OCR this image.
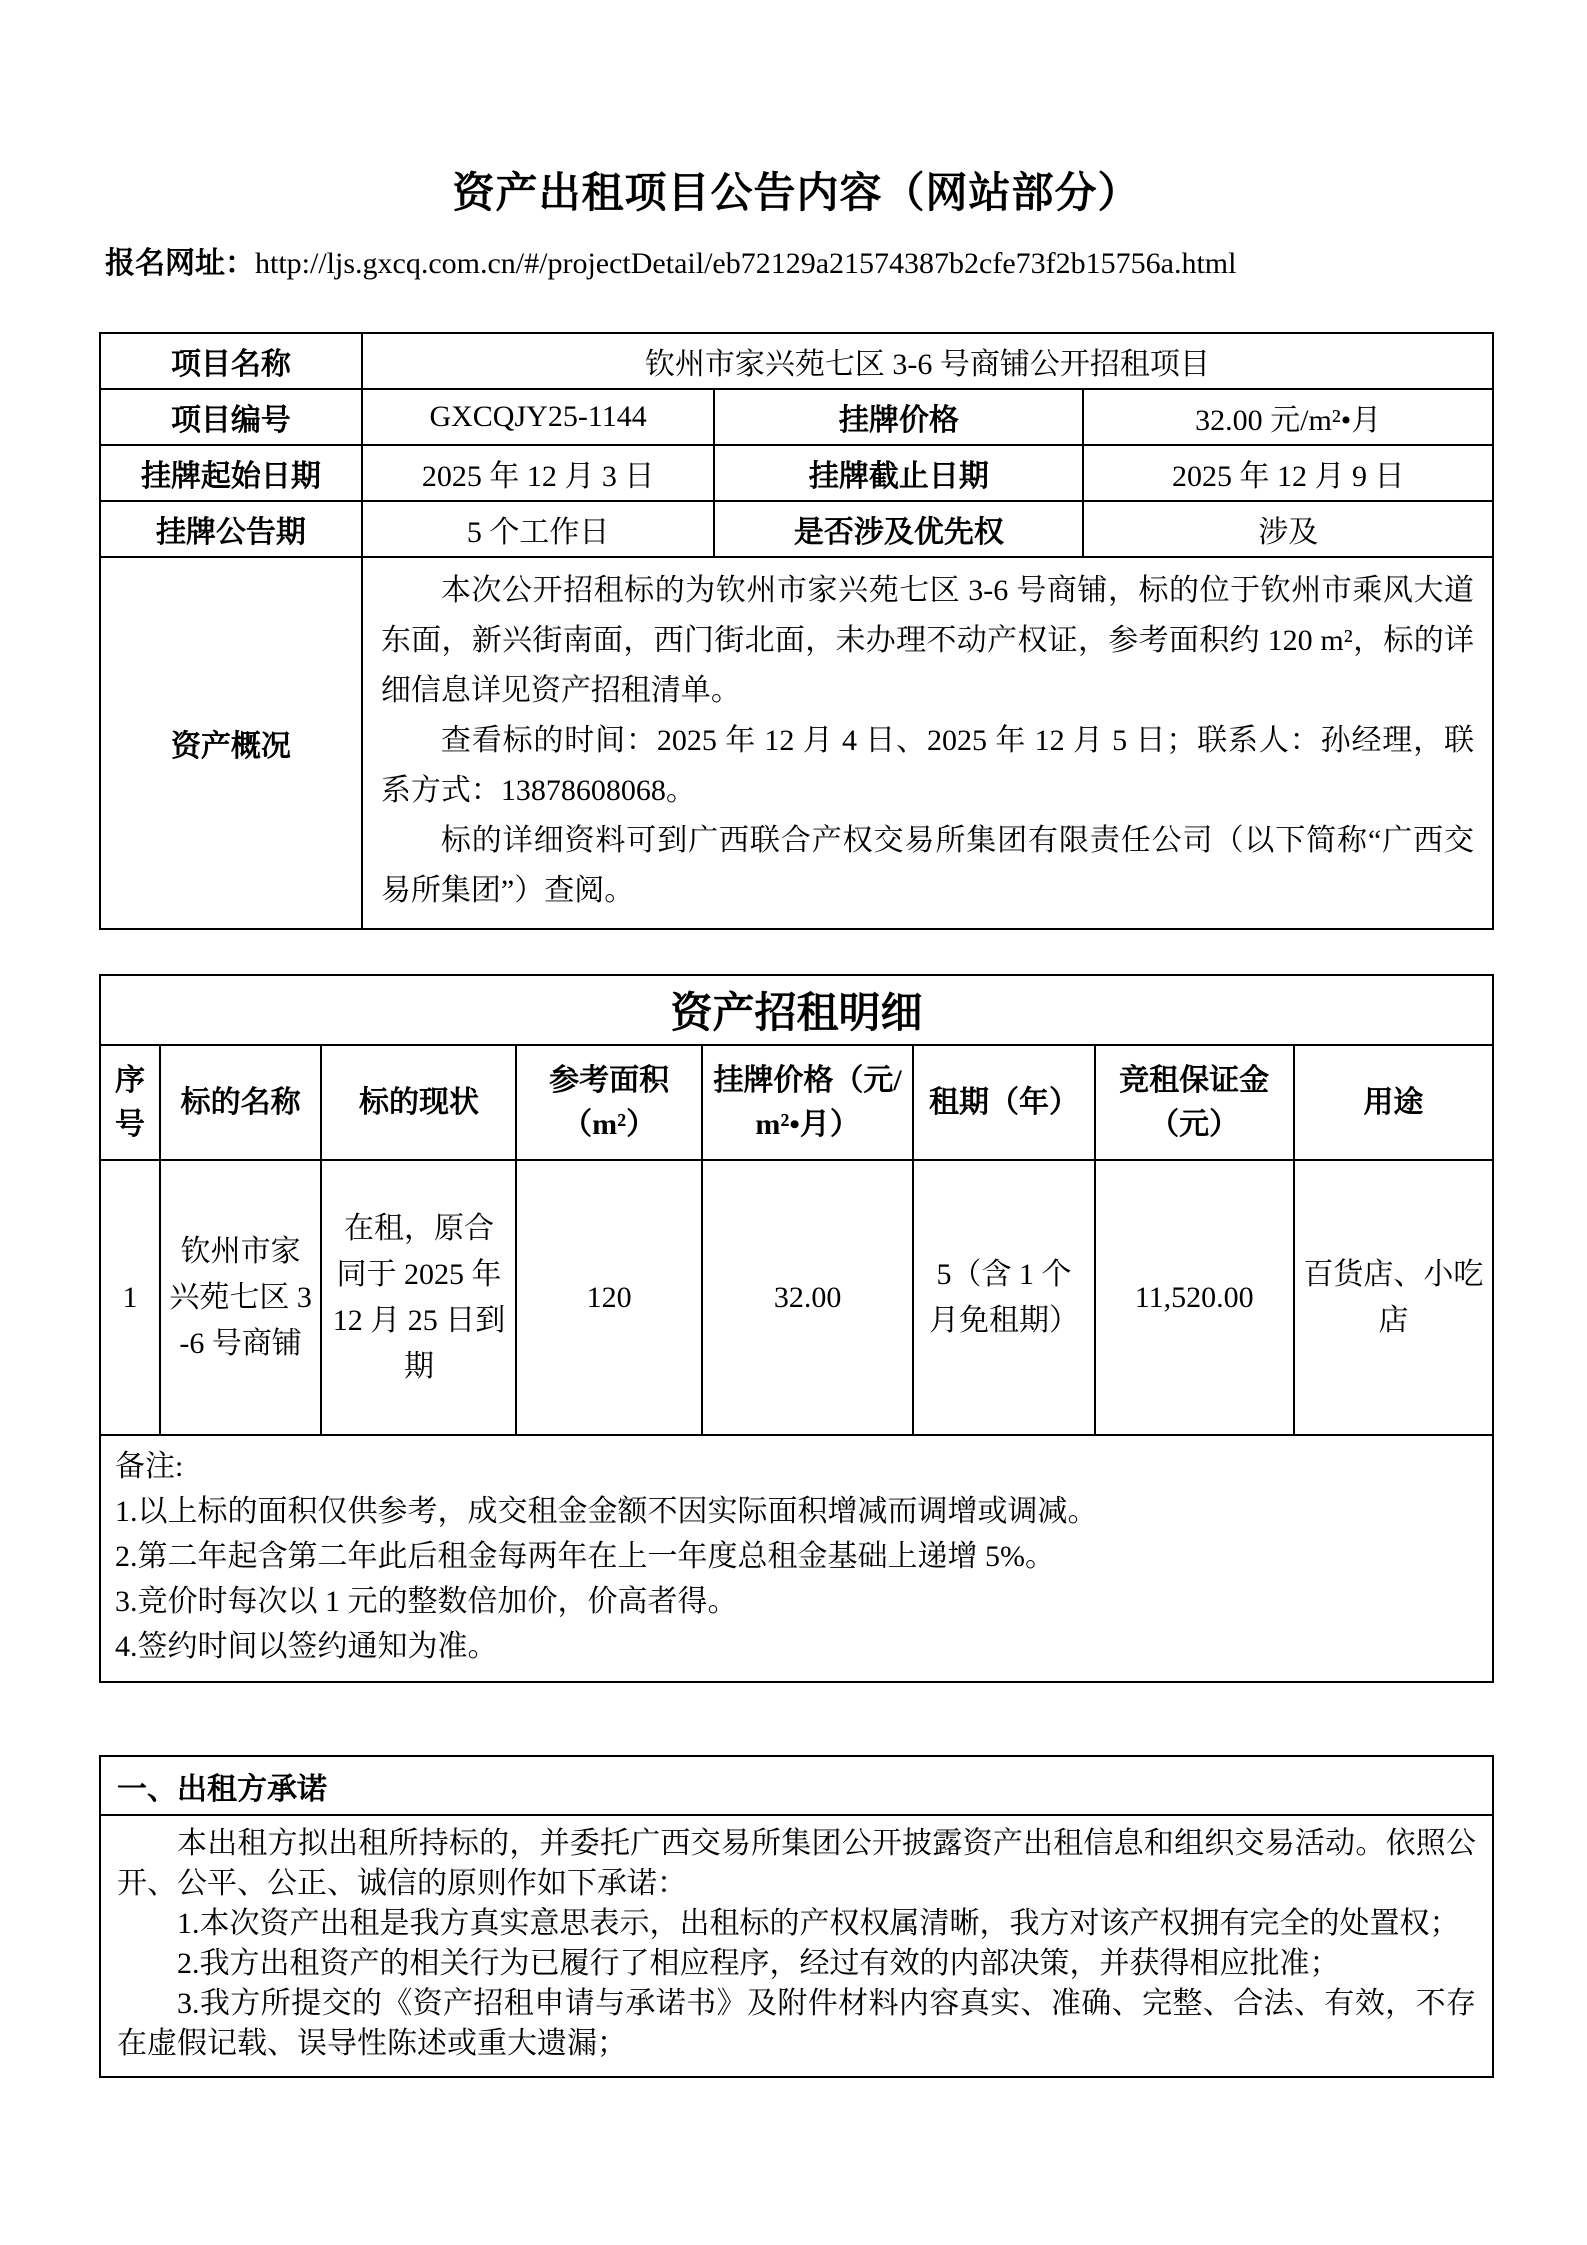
资产出租项目公告内容（网站部分）

报名网址：http://ljs.gxcq.com.cn/#/projectDetail/eb72129a21574387b2cfe73f2b15756a.html

项目名称	钦州市家兴苑七区 3-6 号商铺公开招租项目		
项目编号	GXCQJY25-1144	挂牌价格	32.00 元/m²•月
挂牌起始日期	2025 年 12 月 3 日	挂牌截止日期	2025 年 12 月 9 日
挂牌公告期	5 个工作日	是否涉及优先权	涉及
资产概况	本次公开招租标的为钦州市家兴苑七区 3-6 号商铺，标的位于钦州市乘风大道东面，新兴街南面，西门街北面，未办理不动产权证，参考面积约 120 m²，标的详细信息详见资产招租清单。

查看标的时间：2025 年 12 月 4 日、2025 年 12 月 5 日；联系人：孙经理，联系方式：13878608068。

标的详细资料可到广西联合产权交易所集团有限责任公司（以下简称“广西交易所集团”）查阅。		

资产招租明细							
序号	标的名称	标的现状	参考面积（m²）	挂牌价格（元/m²•月）	租期（年）	竞租保证金（元）	用途
1	钦州市家兴苑七区 3-6 号商铺	在租，原合同于 2025 年 12 月 25 日到期	120	32.00	5（含 1 个月免租期）	11,520.00	百货店、小吃店

备注:

1.以上标的面积仅供参考，成交租金金额不因实际面积增减而调增或调减。

2.第二年起含第二年此后租金每两年在上一年度总租金基础上递增 5%。

3.竞价时每次以 1 元的整数倍加价，价高者得。

4.签约时间以签约通知为准。							

一、出租方承诺

本出租方拟出租所持标的，并委托广西交易所集团公开披露资产出租信息和组织交易活动。依照公开、公平、公正、诚信的原则作如下承诺：

1.本次资产出租是我方真实意思表示，出租标的产权权属清晰，我方对该产权拥有完全的处置权；

2.我方出租资产的相关行为已履行了相应程序，经过有效的内部决策，并获得相应批准；

3.我方所提交的《资产招租申请与承诺书》及附件材料内容真实、准确、完整、合法、有效，不存在虚假记载、误导性陈述或重大遗漏；
